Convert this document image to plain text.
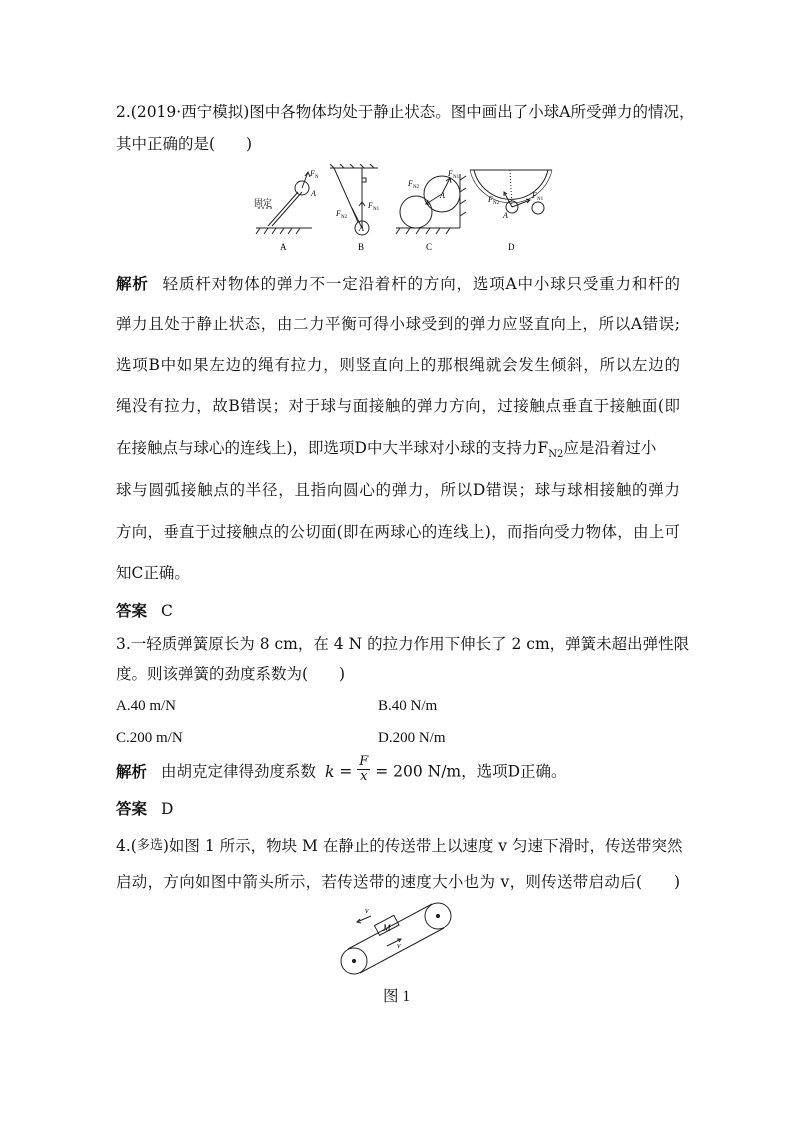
2.(2019·西宁模拟)图中各物体均处于静止状态。图中画出了小球A所受弹力的情况，
其中正确的是(　　)
固定
F N
A
A
F N1
F N2
A
B
F N1
F N2
A
C
F N1
F N2
A
D
解析 轻质杆对物体的弹力不一定沿着杆的方向，选项A中小球只受重力和杆的
弹力且处于静止状态，由二力平衡可得小球受到的弹力应竖直向上，所以A错误;
选项B中如果左边的绳有拉力，则竖直向上的那根绳就会发生倾斜，所以左边的
绳没有拉力，故B错误；对于球与面接触的弹力方向，过接触点垂直于接触面(即
在接触点与球心的连线上)，即选项D中大半球对小球的支持力$F_{N2}$应是沿着过小
球与圆弧接触点的半径，且指向圆心的弹力，所以D错误；球与球相接触的弹力
方向，垂直于过接触点的公切面(即在两球心的连线上)，而指向受力物体，由上可
知C正确。
答案 C
3.一轻质弹簧原长为 8 cm，在 4 N 的拉力作用下伸长了 2 cm，弹簧未超出弹性限
度。则该弹簧的劲度系数为(　　)
A.40 m/N	B.40 N/m
C.200 m/N	D.200 N/m
解析 由胡克定律得劲度系数 $k = \frac{F}{x} = 200$ N/m，选项D正确。
答案 D
4.(多选)如图 1 所示，物块 M 在静止的传送带上以速度 v 匀速下滑时，传送带突然
启动，方向如图中箭头所示，若传送带的速度大小也为 v，则传送带启动后(　　)
M
v
v
图 1
